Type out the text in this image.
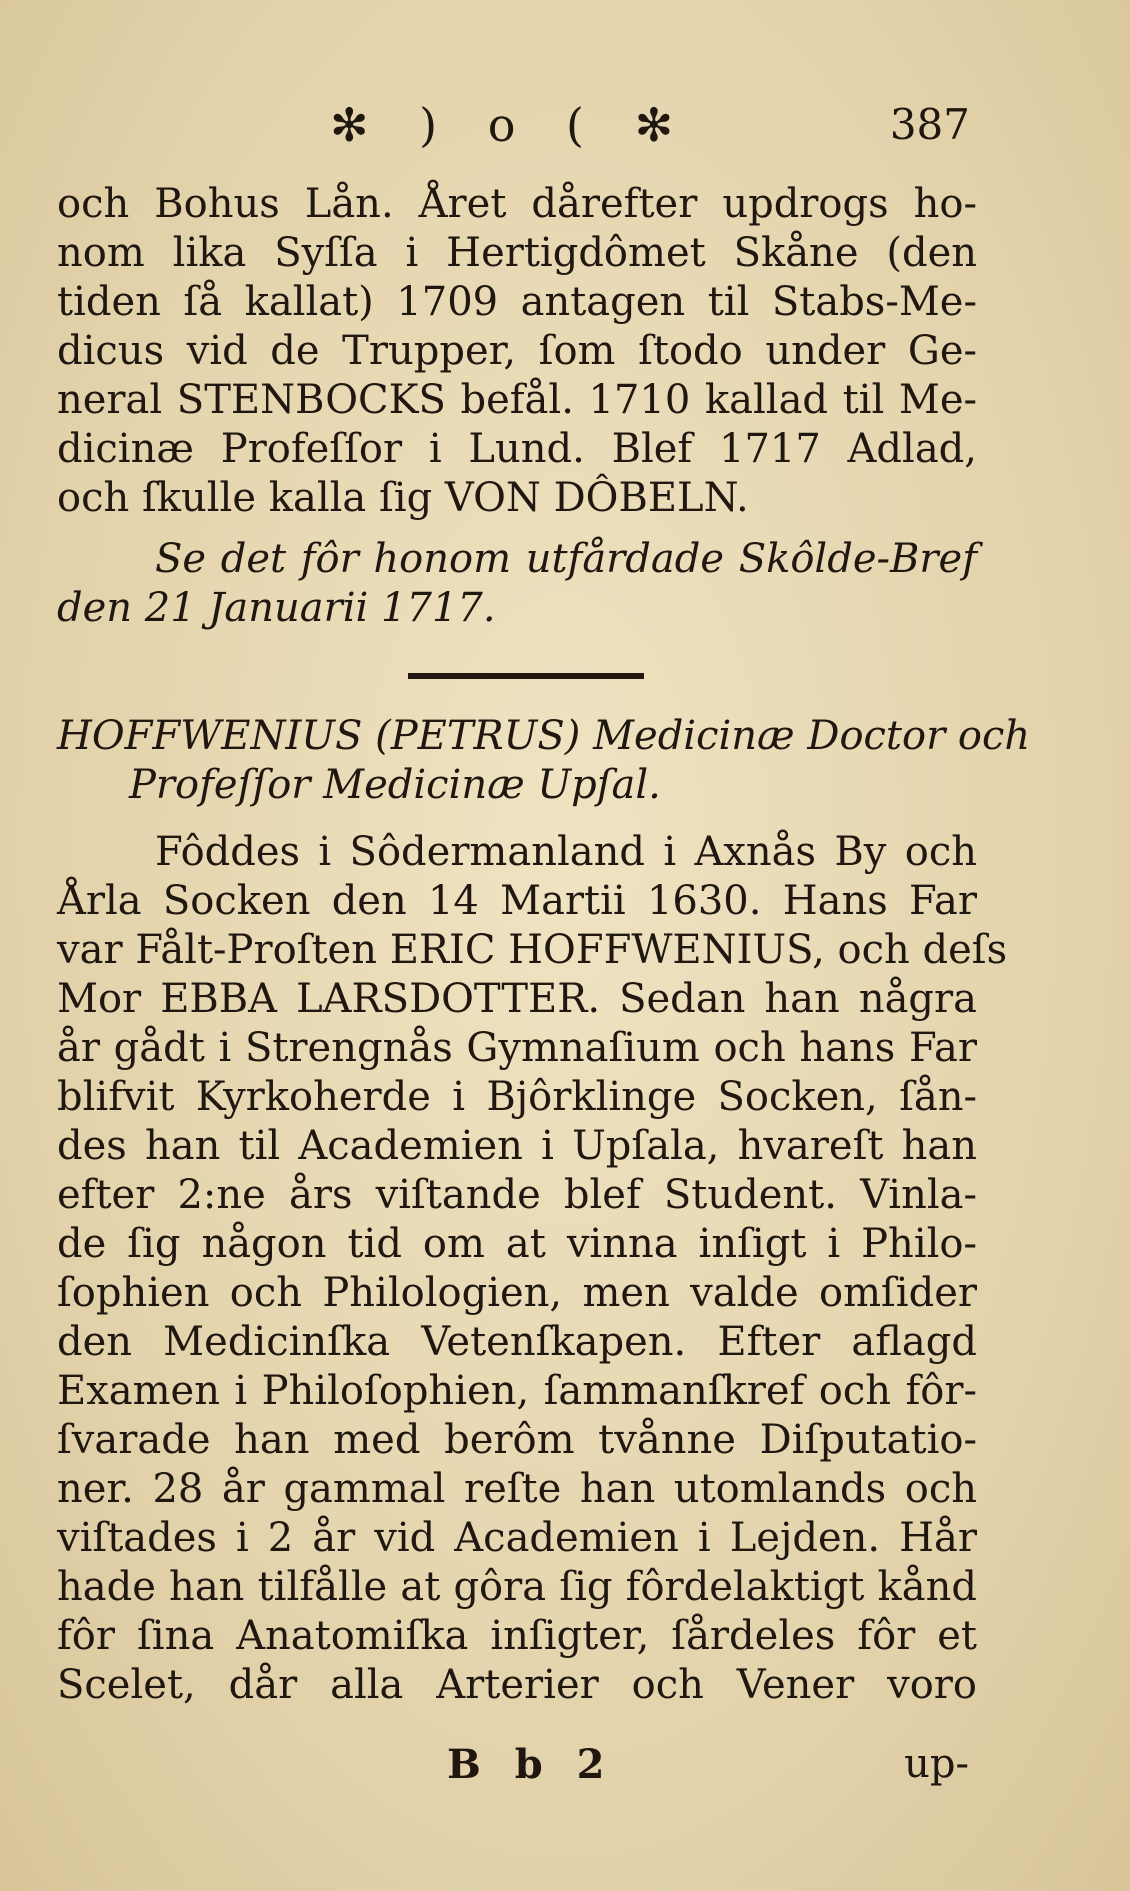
✻ ) o ( ✻	387
och Bohus Lån. Året dårefter updrogs ho-
nom lika Syſſa i Hertigdômet Skåne (den
tiden ſå kallat) 1709 antagen til Stabs-Me-
dicus vid de Trupper, ſom ſtodo under Ge-
neral STENBOCKS befål. 1710 kallad til Me-
dicinæ Profeſſor i Lund. Blef 1717 Adlad,
och ſkulle kalla ſig VON DÔBELN.
Se det fôr honom utfårdade Skôlde-Bref
den 21 Januarii 1717.
HOFFWENIUS (PETRUS) Medicinæ Doctor och
Profeſſor Medicinæ Upſal.
Fôddes i Sôdermanland i Axnås By och
Årla Socken den 14 Martii 1630. Hans Far
var Fålt-Proſten ERIC HOFFWENIUS, och deſs
Mor EBBA LARSDOTTER. Sedan han några
år gådt i Strengnås Gymnaſium och hans Far
blifvit Kyrkoherde i Bjôrklinge Socken, ſån-
des han til Academien i Upſala, hvareſt han
efter 2:ne års viſtande blef Student. Vinla-
de ſig någon tid om at vinna inſigt i Philo-
ſophien och Philologien, men valde omſider
den Medicinſka Vetenſkapen. Efter aflagd
Examen i Philoſophien, ſammanſkref och fôr-
ſvarade han med berôm tvånne Diſputatio-
ner. 28 år gammal reſte han utomlands och
viſtades i 2 år vid Academien i Lejden. Hår
hade han tilfålle at gôra ſig fôrdelaktigt kånd
fôr ſina Anatomiſka inſigter, ſårdeles fôr et
Scelet, dår alla Arterier och Vener voro
B b 2	up-
